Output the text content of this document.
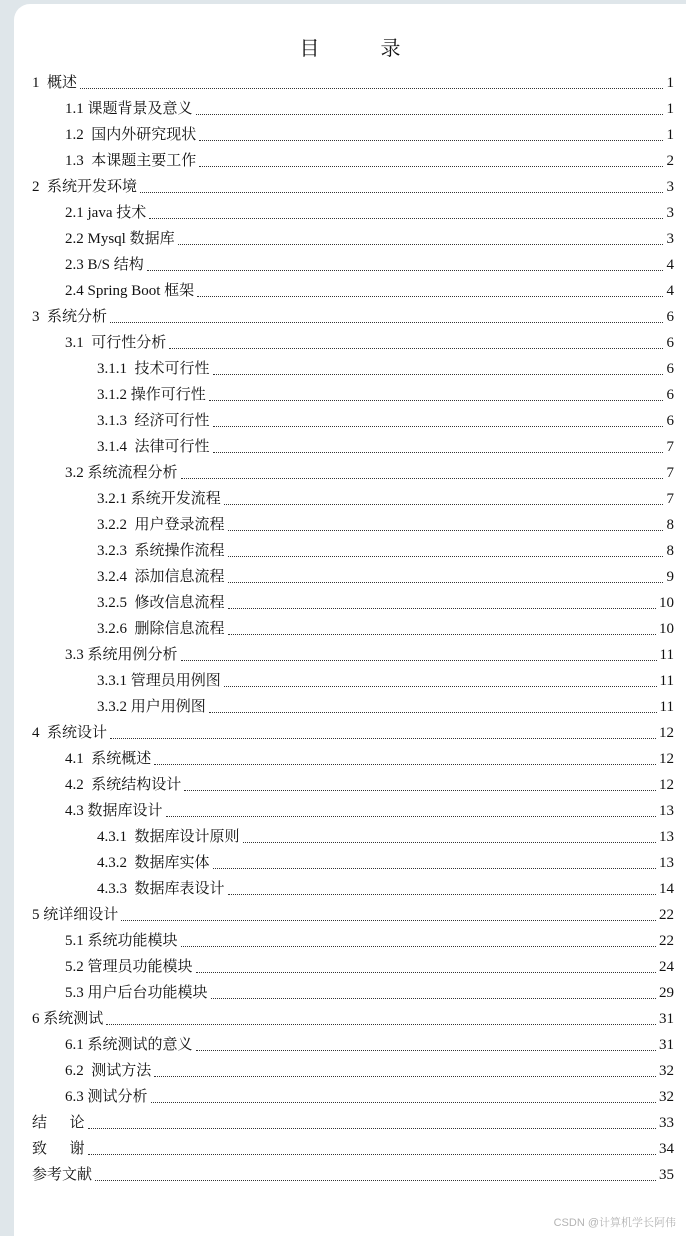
目 录
1  概述	1
1.1 课题背景及意义	1
1.2  国内外研究现状	1
1.3  本课题主要工作	2
2  系统开发环境	3
2.1 java 技术	3
2.2 Mysql 数据库	3
2.3 B/S 结构	4
2.4 Spring Boot 框架	4
3  系统分析	6
3.1  可行性分析	6
3.1.1  技术可行性	6
3.1.2 操作可行性	6
3.1.3  经济可行性	6
3.1.4  法律可行性	7
3.2 系统流程分析	7
3.2.1 系统开发流程	7
3.2.2  用户登录流程	8
3.2.3  系统操作流程	8
3.2.4  添加信息流程	9
3.2.5  修改信息流程	10
3.2.6  删除信息流程	10
3.3 系统用例分析	11
3.3.1 管理员用例图	11
3.3.2 用户用例图	11
4  系统设计	12
4.1  系统概述	12
4.2  系统结构设计	12
4.3 数据库设计	13
4.3.1  数据库设计原则	13
4.3.2  数据库实体	13
4.3.3  数据库表设计	14
5 统详细设计	22
5.1 系统功能模块	22
5.2 管理员功能模块	24
5.3 用户后台功能模块	29
6 系统测试	31
6.1 系统测试的意义	31
6.2  测试方法	32
6.3 测试分析	32
结      论	33
致      谢	34
参考文献	35
CSDN @计算机学长阿伟
